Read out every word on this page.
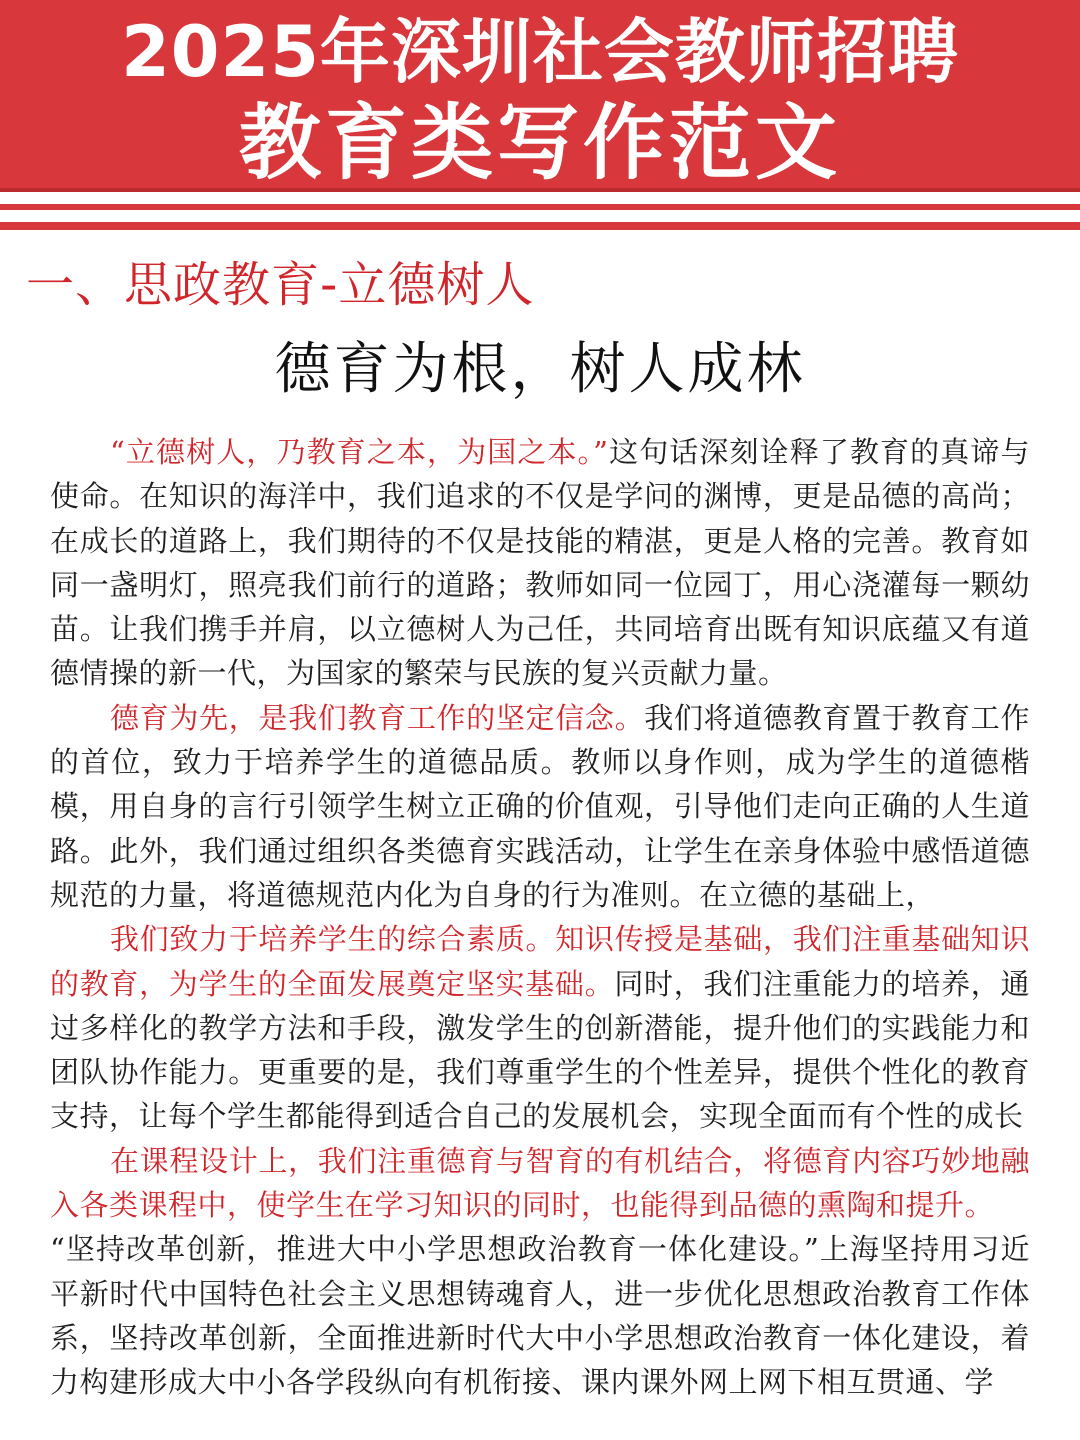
2025年深圳社会教师招聘
教育类写作范文
一、思政教育-立德树人
德育为根，树人成林

“立德树人，乃教育之本，为国之本。”这句话深刻诠释了教育的真谛与使命。在知识的海洋中，我们追求的不仅是学问的渊博，更是品德的高尚；在成长的道路上，我们期待的不仅是技能的精湛，更是人格的完善。教育如同一盏明灯，照亮我们前行的道路；教师如同一位园丁，用心浇灌每一颗幼苗。让我们携手并肩，以立德树人为己任，共同培育出既有知识底蕴又有道德情操的新一代，为国家的繁荣与民族的复兴贡献力量。

德育为先，是我们教育工作的坚定信念。我们将道德教育置于教育工作的首位，致力于培养学生的道德品质。教师以身作则，成为学生的道德楷模，用自身的言行引领学生树立正确的价值观，引导他们走向正确的人生道路。此外，我们通过组织各类德育实践活动，让学生在亲身体验中感悟道德规范的力量，将道德规范内化为自身的行为准则。在立德的基础上，

我们致力于培养学生的综合素质。知识传授是基础，我们注重基础知识的教育，为学生的全面发展奠定坚实基础。同时，我们注重能力的培养，通过多样化的教学方法和手段，激发学生的创新潜能，提升他们的实践能力和团队协作能力。更重要的是，我们尊重学生的个性差异，提供个性化的教育支持，让每个学生都能得到适合自己的发展机会，实现全面而有个性的成长

在课程设计上，我们注重德育与智育的有机结合，将德育内容巧妙地融入各类课程中，使学生在学习知识的同时，也能得到品德的熏陶和提升。

“坚持改革创新，推进大中小学思想政治教育一体化建设。”上海坚持用习近平新时代中国特色社会主义思想铸魂育人，进一步优化思想政治教育工作体系，坚持改革创新，全面推进新时代大中小学思想政治教育一体化建设，着力构建形成大中小各学段纵向有机衔接、课内课外网上网下相互贯通、学
